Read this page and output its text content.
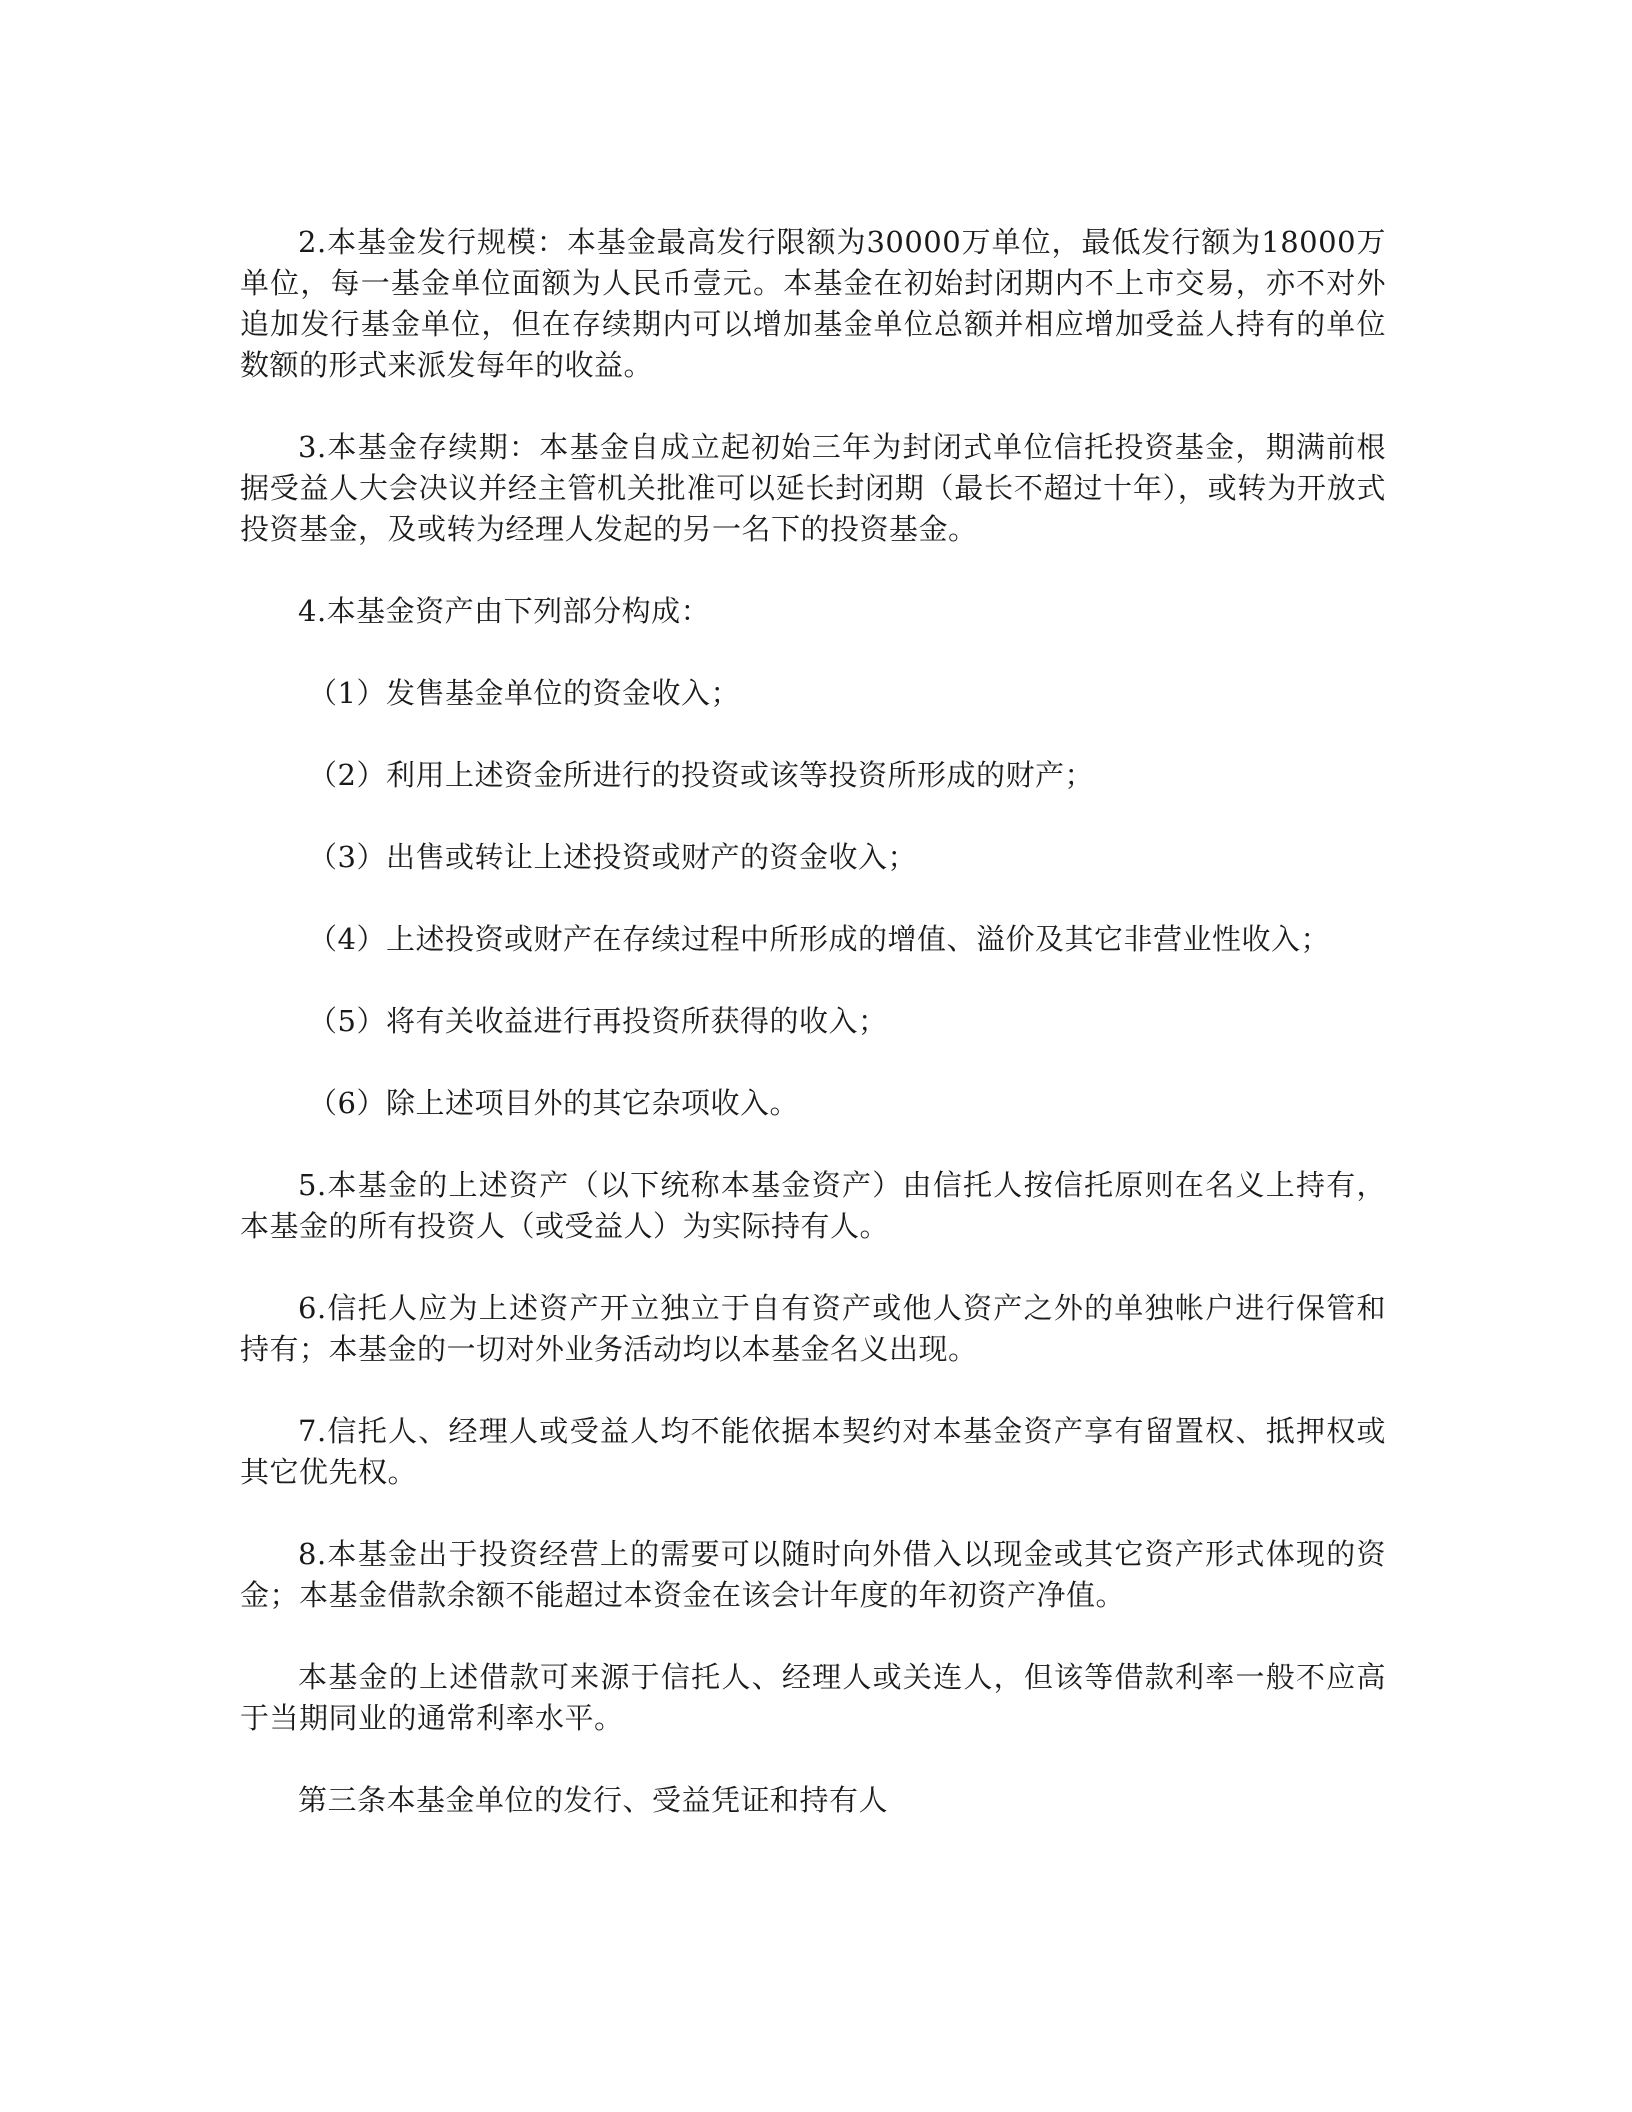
2.本基金发行规模：本基金最高发行限额为30000万单位，最低发行额为18000万单位，每一基金单位面额为人民币壹元。本基金在初始封闭期内不上市交易，亦不对外追加发行基金单位，但在存续期内可以增加基金单位总额并相应增加受益人持有的单位数额的形式来派发每年的收益。

3.本基金存续期：本基金自成立起初始三年为封闭式单位信托投资基金，期满前根据受益人大会决议并经主管机关批准可以延长封闭期（最长不超过十年），或转为开放式投资基金，及或转为经理人发起的另一名下的投资基金。

4.本基金资产由下列部分构成：

（1）发售基金单位的资金收入；

（2）利用上述资金所进行的投资或该等投资所形成的财产；

（3）出售或转让上述投资或财产的资金收入；

（4）上述投资或财产在存续过程中所形成的增值、溢价及其它非营业性收入；

（5）将有关收益进行再投资所获得的收入；

（6）除上述项目外的其它杂项收入。

5.本基金的上述资产（以下统称本基金资产）由信托人按信托原则在名义上持有，本基金的所有投资人（或受益人）为实际持有人。

6.信托人应为上述资产开立独立于自有资产或他人资产之外的单独帐户进行保管和持有；本基金的一切对外业务活动均以本基金名义出现。

7.信托人、经理人或受益人均不能依据本契约对本基金资产享有留置权、抵押权或其它优先权。

8.本基金出于投资经营上的需要可以随时向外借入以现金或其它资产形式体现的资金；本基金借款余额不能超过本资金在该会计年度的年初资产净值。

本基金的上述借款可来源于信托人、经理人或关连人，但该等借款利率一般不应高于当期同业的通常利率水平。

第三条本基金单位的发行、受益凭证和持有人
